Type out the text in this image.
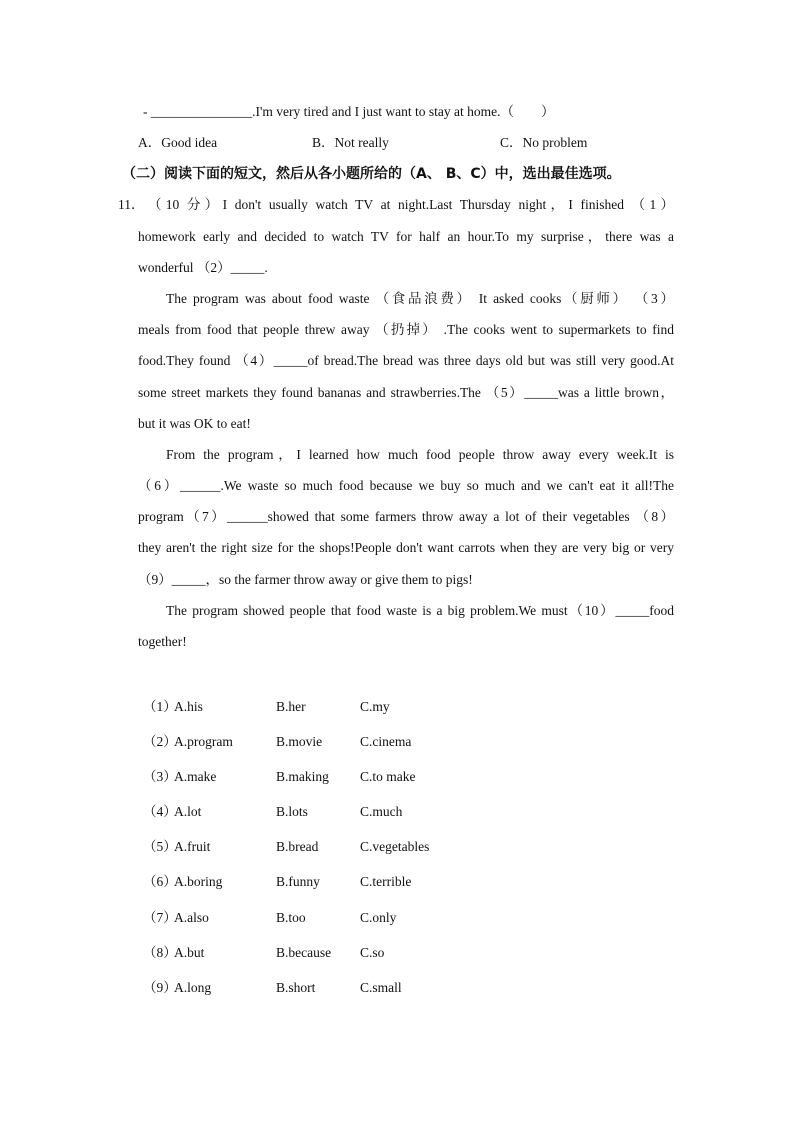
- _______________.I'm very tired and I just want to stay at home.（　　）
A．Good idea	B．Not really	C．No problem
（二）阅读下面的短文，然后从各小题所给的（A、 B、C）中，选出最佳选项。
11． （10 分）I don't usually watch TV at night.Last Thursday night，I finished （1）
homework early and decided to watch TV for half an hour.To my surprise，there was a
wonderful （2）_____.
The program was about food waste （食品浪费） It asked cooks（厨师） （3）
meals from food that people threw away （扔掉） .The cooks went to supermarkets to find
food.They found （4）_____of bread.The bread was three days old but was still very good.At
some street markets they found bananas and strawberries.The （5）_____was a little brown，
but it was OK to eat!
From the program，I learned how much food people throw away every week.It is
（6）______.We waste so much food because we buy so much and we can't eat it all!The
program（7）______showed that some farmers throw away a lot of their vegetables （8）
they aren't the right size for the shops!People don't want carrots when they are very big or very
（9）_____，so the farmer throw away or give them to pigs!
The program showed people that food waste is a big problem.We must（10）_____food
together!
（1）
A.his	B.her	C.my
（2）
A.program	B.movie	C.cinema
（3）
A.make	B.making C.to make
（4）
A.lot	B.lots	C.much
（5）
A.fruit	B.bread	C.vegetables
（6）
A.boring	B.funny	C.terrible
（7）
A.also	B.too	C.only
（8）
A.but	B.because C.so
（9）
A.long	B.short	C.small
